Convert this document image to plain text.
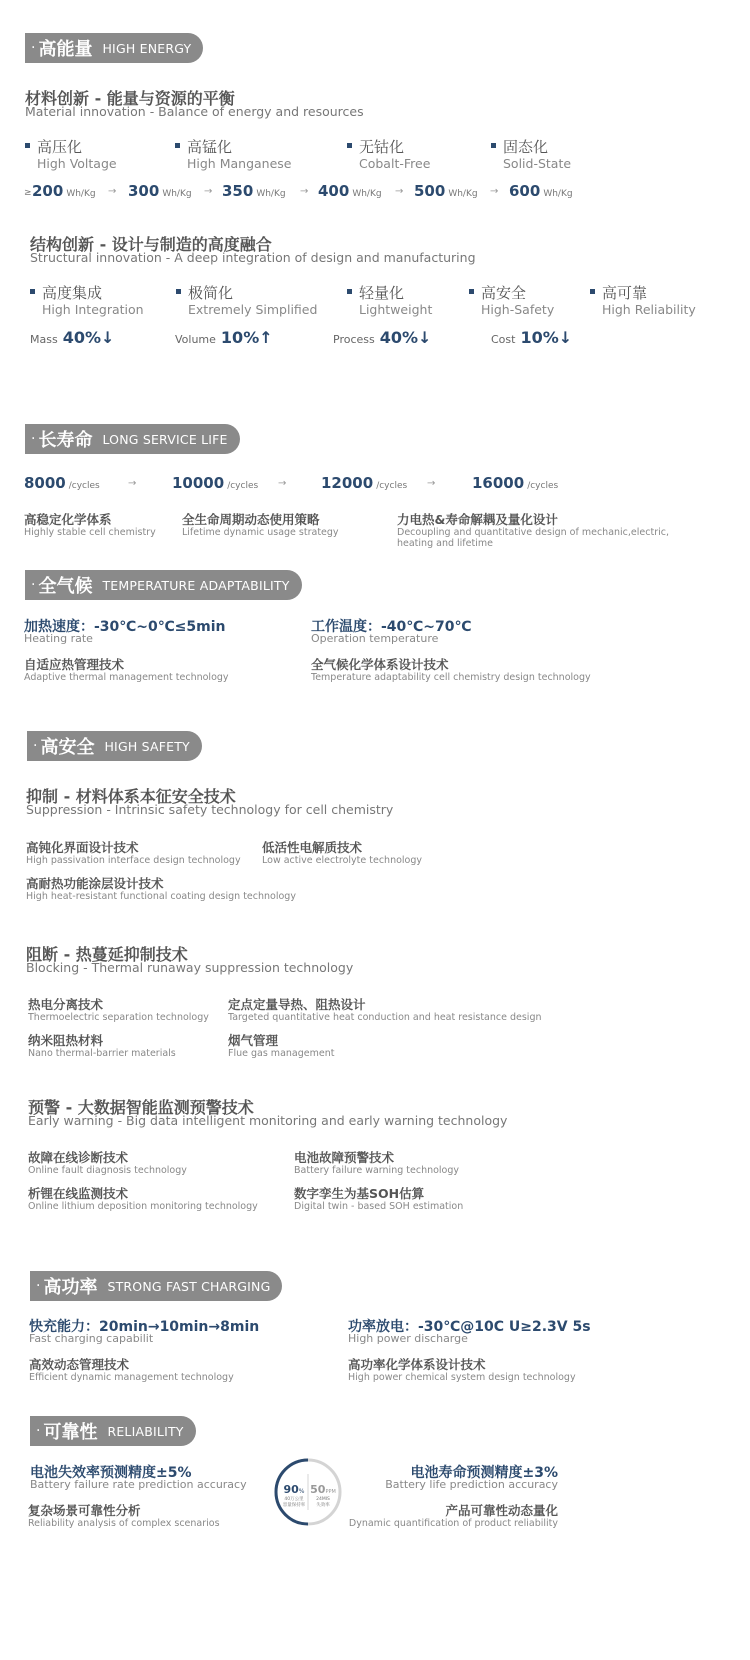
· 高能量 HIGH ENERGY
材料创新 - 能量与资源的平衡
Material innovation - Balance of energy and resources
高压化
High Voltage
高锰化
High Manganese
无钴化
Cobalt-Free
固态化
Solid-State
≥ 200 Wh/Kg → 300 Wh/Kg → 350 Wh/Kg → 400 Wh/Kg → 500 Wh/Kg → 600 Wh/Kg
结构创新 - 设计与制造的高度融合
Structural innovation - A deep integration of design and manufacturing
高度集成
High Integration
极简化
Extremely Simplified
轻量化
Lightweight
高安全
High-Safety
高可靠
High Reliability
Mass 40%↓	Volume 10%↑	Process 40%↓	Cost 10%↓
· 长寿命 LONG SERVICE LIFE
8000 /cycles	→ 10000 /cycles → 12000 /cycles → 16000 /cycles
高稳定化学体系
Highly stable cell chemistry
全生命周期动态使用策略
Lifetime dynamic usage strategy
力电热&寿命解耦及量化设计
Decoupling and quantitative design of mechanic,electric,
heating and lifetime
· 全气候 TEMPERATURE ADAPTABILITY
加热速度：-30℃~0℃≤5min
Heating rate
自适应热管理技术
Adaptive thermal management technology
工作温度：-40℃~70℃
Operation temperature
全气候化学体系设计技术
Temperature adaptability cell chemistry design technology
· 高安全 HIGH SAFETY
抑制 - 材料体系本征安全技术
Suppression - Intrinsic safety technology for cell chemistry
高钝化界面设计技术
High passivation interface design technology
低活性电解质技术
Low active electrolyte technology
高耐热功能涂层设计技术
High heat-resistant functional coating design technology
阻断 - 热蔓延抑制技术
Blocking - Thermal runaway suppression technology
热电分离技术
Thermoelectric separation technology
定点定量导热、阻热设计
Targeted quantitative heat conduction and heat resistance design
纳米阻热材料
Nano thermal-barrier materials
烟气管理
Flue gas management
预警 - 大数据智能监测预警技术
Early warning - Big data intelligent monitoring and early warning technology
故障在线诊断技术
Online fault diagnosis technology
电池故障预警技术
Battery failure warning technology
析锂在线监测技术
Online lithium deposition monitoring technology
数字孪生为基SOH估算
Digital twin - based SOH estimation
· 高功率 STRONG FAST CHARGING
快充能力：20min→10min→8min
Fast charging capabilit
高效动态管理技术
Efficient dynamic management technology
功率放电：-30℃@10C U≥2.3V 5s
High power discharge
高功率化学体系设计技术
High power chemical system design technology
· 可靠性 RELIABILITY
电池失效率预测精度±5%
Battery failure rate prediction accuracy
复杂场景可靠性分析
Reliability analysis of complex scenarios
电池寿命预测精度±3%
Battery life prediction accuracy
产品可靠性动态量化
Dynamic quantification of product reliability
90%
40万公里
容量保持率
50PPM
24MIS
失效率
